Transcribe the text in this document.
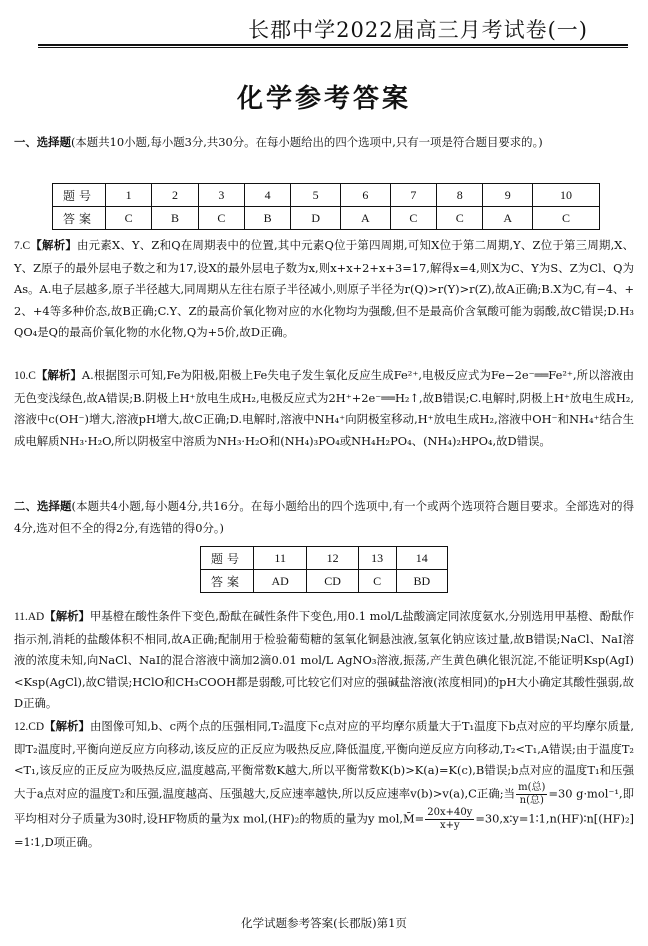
长郡中学2022届高三月考试卷(一)
化学参考答案
一、选择题(本题共10小题,每小题3分,共30分。在每小题给出的四个选项中,只有一项是符合题目要求的。)
题号	1	2	3	4	5	6	7	8	9	10
答案	C	B	C	B	D	A	C	C	A	C
7.C【解析】由元素X、Y、Z和Q在周期表中的位置,其中元素Q位于第四周期,可知X位于第二周期,Y、Z位于第三周期,X、Y、Z原子的最外层电子数之和为17,设X的最外层电子数为x,则x+x+2+x+3=17,解得x=4,则X为C、Y为S、Z为Cl、Q为As。A.电子层越多,原子半径越大,同周期从左往右原子半径减小,则原子半径为r(Q)>r(Y)>r(Z),故A正确;B.X为C,有−4、+2、+4等多种价态,故B正确;C.Y、Z的最高价氧化物对应的水化物均为强酸,但不是最高价含氧酸可能为弱酸,故C错误;D.H₃QO₄是Q的最高价氧化物的水化物,Q为+5价,故D正确。
10.C【解析】A.根据图示可知,Fe为阳极,阳极上Fe失电子发生氧化反应生成Fe²⁺,电极反应式为Fe−2e⁻══Fe²⁺,所以溶液由无色变浅绿色,故A错误;B.阴极上H⁺放电生成H₂,电极反应式为2H⁺+2e⁻══H₂↑,故B错误;C.电解时,阴极上H⁺放电生成H₂,溶液中c(OH⁻)增大,溶液pH增大,故C正确;D.电解时,溶液中NH₄⁺向阴极室移动,H⁺放电生成H₂,溶液中OH⁻和NH₄⁺结合生成电解质NH₃·H₂O,所以阴极室中溶质为NH₃·H₂O和(NH₄)₃PO₄或NH₄H₂PO₄、(NH₄)₂HPO₄,故D错误。
二、选择题(本题共4小题,每小题4分,共16分。在每小题给出的四个选项中,有一个或两个选项符合题目要求。全部选对的得4分,选对但不全的得2分,有选错的得0分。)
题号	11	12	13	14
答案	AD	CD	C	BD
11.AD【解析】甲基橙在酸性条件下变色,酚酞在碱性条件下变色,用0.1 mol/L盐酸滴定同浓度氨水,分别选用甲基橙、酚酞作指示剂,消耗的盐酸体积不相同,故A正确;配制用于检验葡萄糖的氢氧化铜悬浊液,氢氧化钠应该过量,故B错误;NaCl、NaI溶液的浓度未知,向NaCl、NaI的混合溶液中滴加2滴0.01 mol/L AgNO₃溶液,振荡,产生黄色碘化银沉淀,不能证明Ksp(AgI)<Ksp(AgCl),故C错误;HClO和CH₃COOH都是弱酸,可比较它们对应的强碱盐溶液(浓度相同)的pH大小确定其酸性强弱,故D正确。
12.CD【解析】由图像可知,b、c两个点的压强相同,T₂温度下c点对应的平均摩尔质量大于T₁温度下b点对应的平均摩尔质量,即T₂温度时,平衡向逆反应方向移动,该反应的正反应为吸热反应,降低温度,平衡向逆反应方向移动,T₂<T₁,A错误;由于温度T₂<T₁,该反应的正反应为吸热反应,温度越高,平衡常数K越大,所以平衡常数K(b)>K(a)=K(c),B错误;b点对应的温度T₁和压强大于a点对应的温度T₂和压强,温度越高、压强越大,反应速率越快,所以反应速率v(b)>v(a),C正确;当 $\frac{\text{m(总)}}{\text{n(总)}} =30$ g·mol⁻¹,即平均相对分子质量为30时,设HF物质的量为x mol,(HF)₂的物质的量为y mol,M̄= $\frac{20x+40y}{x+y}$ =30,x∶y=1∶1,n(HF)∶n[(HF)₂]=1∶1,D项正确。
化学试题参考答案(长郡版)第1页
